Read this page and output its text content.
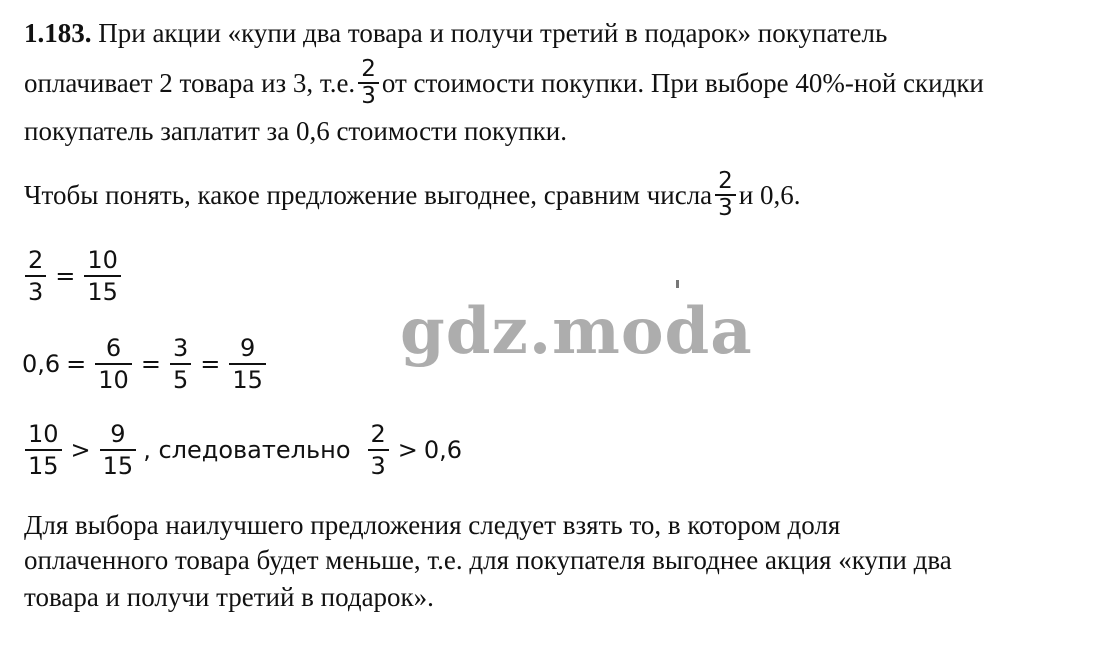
1.183. При акции «купи два товара и получи третий в подарок» покупатель
оплачивает 2 товара из 3, т.е. $\frac{2}{3}$ от стоимости покупки. При выборе 40%-ной скидки
покупатель заплатит за 0,6 стоимости покупки.
Чтобы понять, какое предложение выгоднее, сравним числа $\frac{2}{3}$ и 0,6.
$\frac{2}{3} = \frac{10}{15}$
$0,6 = \frac{6}{10} = \frac{3}{5} = \frac{9}{15}$
$\frac{10}{15} > \frac{9}{15}$ , следовательно $\frac{2}{3} > 0,6$
Для выбора наилучшего предложения следует взять то, в котором доля
оплаченного товара будет меньше, т.е. для покупателя выгоднее акция «купи два
товара и получи третий в подарок».
gdz.moda
